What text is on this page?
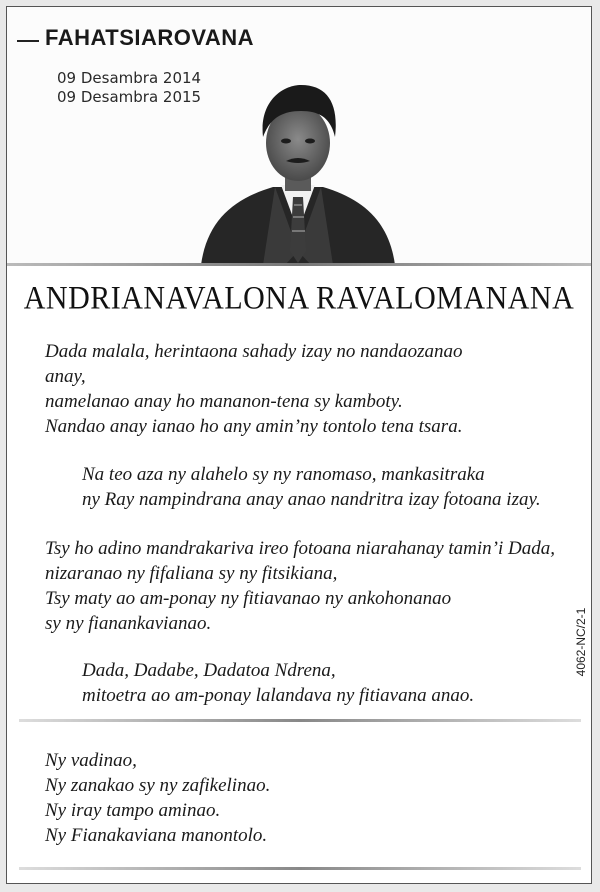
FAHATSIAROVANA
09 Desambra 2014
09 Desambra 2015
ANDRIANAVALONA RAVALOMANANA
Dada malala, herintaona sahady izay no nandaozanao
anay,
namelanao anay ho mananon-tena sy kamboty.
Nandao anay ianao ho any amin’ny tontolo tena tsara.
Na teo aza ny alahelo sy ny ranomaso, mankasitraka
ny Ray nampindrana anay anao nandritra izay fotoana izay.
Tsy ho adino mandrakariva ireo fotoana niarahanay tamin’i Dada,
nizaranao ny fifaliana sy ny fitsikiana,
Tsy maty ao am-ponay ny fitiavanao ny ankohonanao
sy ny fianankavianao.
Dada, Dadabe, Dadatoa Ndrena,
mitoetra ao am-ponay lalandava ny fitiavana anao.
Ny vadinao,
Ny zanakao sy ny zafikelinao.
Ny iray tampo aminao.
Ny Fianakaviana manontolo.
4062-NC/2-1
